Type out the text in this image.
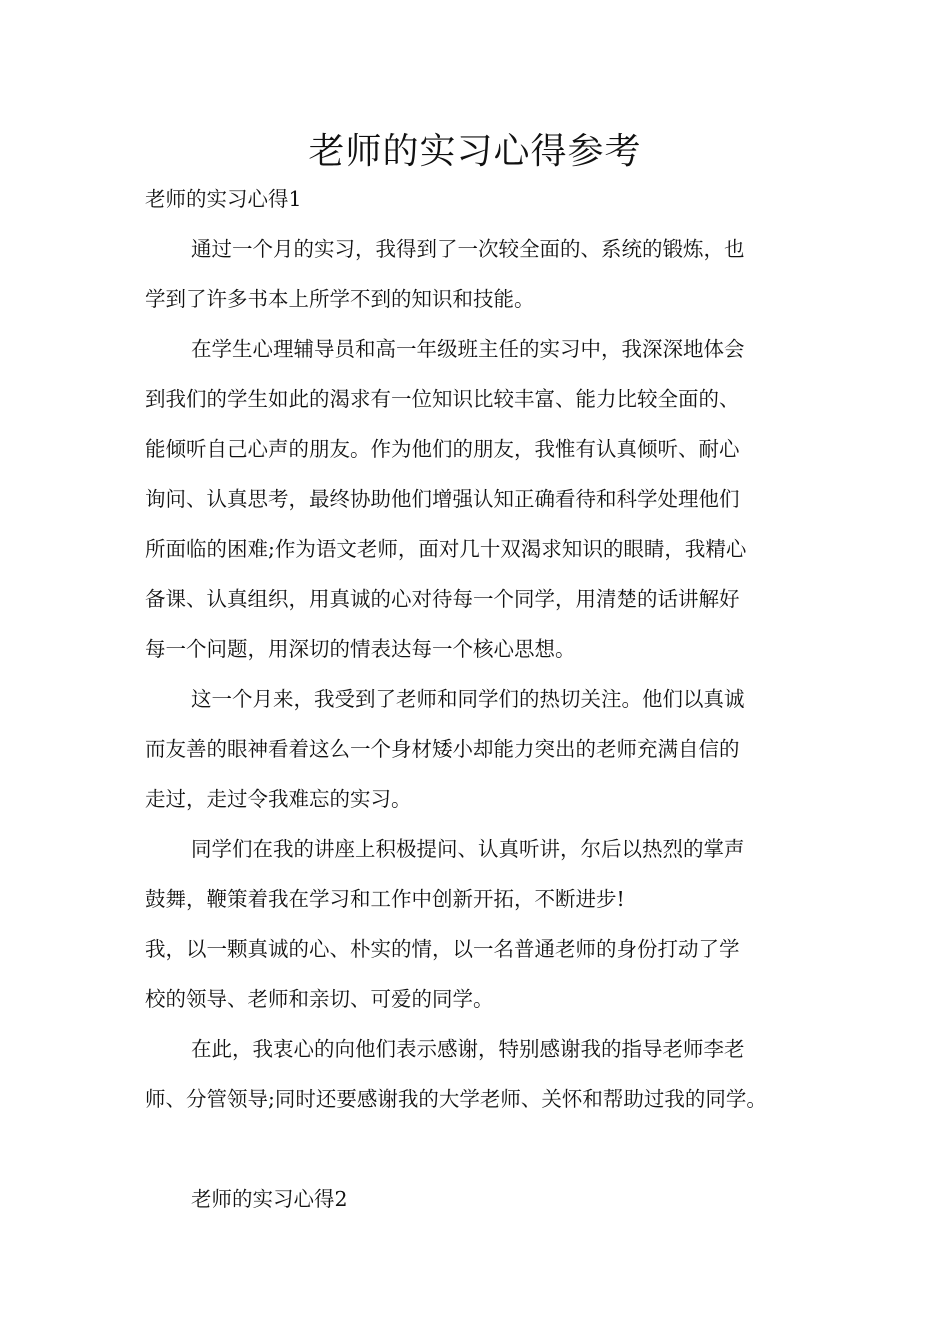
老师的实习心得参考
老师的实习心得1
通过一个月的实习，我得到了一次较全面的、系统的锻炼，也
学到了许多书本上所学不到的知识和技能。
在学生心理辅导员和高一年级班主任的实习中，我深深地体会
到我们的学生如此的渴求有一位知识比较丰富、能力比较全面的、
能倾听自己心声的朋友。作为他们的朋友，我惟有认真倾听、耐心
询问、认真思考，最终协助他们增强认知正确看待和科学处理他们
所面临的困难;作为语文老师，面对几十双渴求知识的眼睛，我精心
备课、认真组织，用真诚的心对待每一个同学，用清楚的话讲解好
每一个问题，用深切的情表达每一个核心思想。
这一个月来，我受到了老师和同学们的热切关注。他们以真诚
而友善的眼神看着这么一个身材矮小却能力突出的老师充满自信的
走过，走过令我难忘的实习。
同学们在我的讲座上积极提问、认真听讲，尔后以热烈的掌声
鼓舞，鞭策着我在学习和工作中创新开拓，不断进步!
我，以一颗真诚的心、朴实的情，以一名普通老师的身份打动了学
校的领导、老师和亲切、可爱的同学。
在此，我衷心的向他们表示感谢，特别感谢我的指导老师李老
师、分管领导;同时还要感谢我的大学老师、关怀和帮助过我的同学。
老师的实习心得2
